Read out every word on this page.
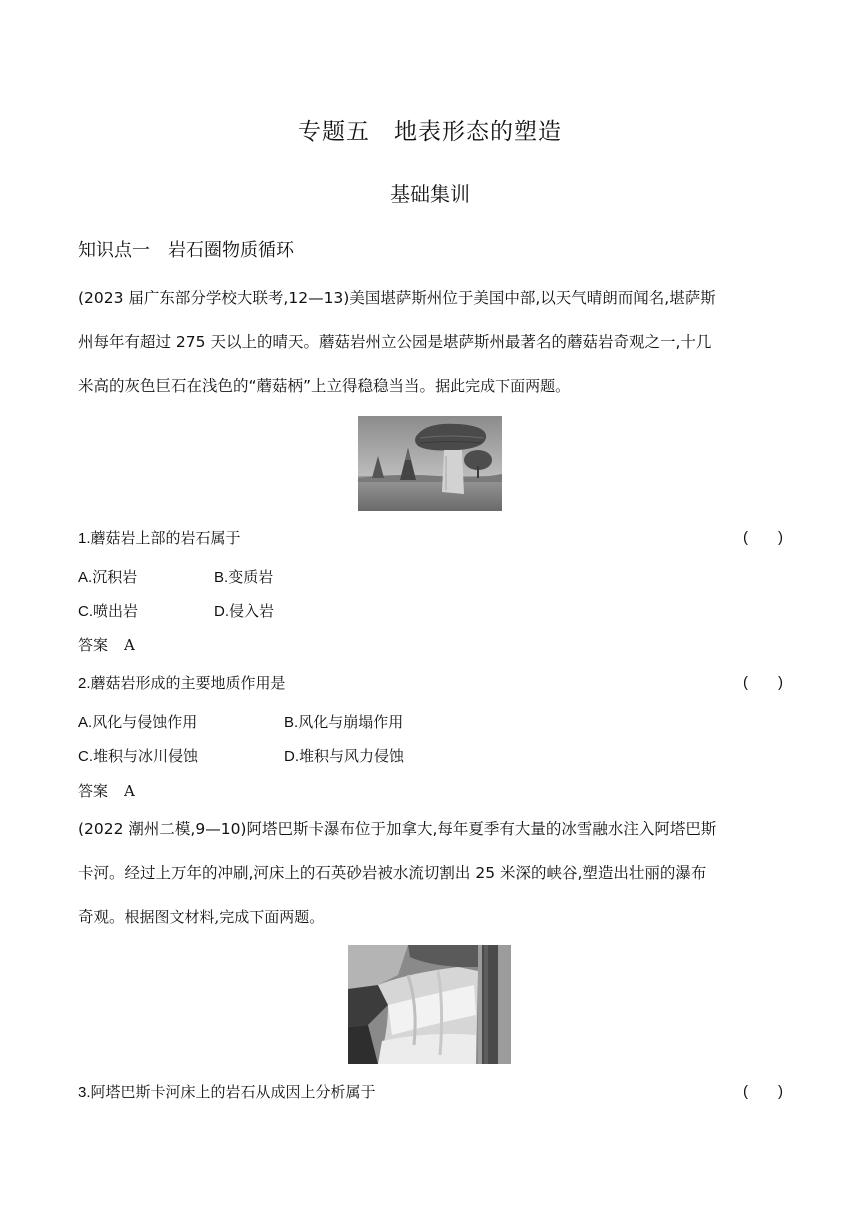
专题五　地表形态的塑造
基础集训
知识点一　岩石圈物质循环
(2023 届广东部分学校大联考,12—13)美国堪萨斯州位于美国中部,以天气晴朗而闻名,堪萨斯
州每年有超过 275 天以上的晴天。蘑菇岩州立公园是堪萨斯州最著名的蘑菇岩奇观之一,十几
米高的灰色巨石在浅色的“蘑菇柄”上立得稳稳当当。据此完成下面两题。
1.蘑菇岩上部的岩石属于	(　　)
A.沉积岩	B.变质岩
C.喷出岩	D.侵入岩
答案 A
2.蘑菇岩形成的主要地质作用是	(　　)
A.风化与侵蚀作用	B.风化与崩塌作用
C.堆积与冰川侵蚀	D.堆积与风力侵蚀
答案 A
(2022 潮州二模,9—10)阿塔巴斯卡瀑布位于加拿大,每年夏季有大量的冰雪融水注入阿塔巴斯
卡河。经过上万年的冲刷,河床上的石英砂岩被水流切割出 25 米深的峡谷,塑造出壮丽的瀑布
奇观。根据图文材料,完成下面两题。
3.阿塔巴斯卡河床上的岩石从成因上分析属于	(　　)
